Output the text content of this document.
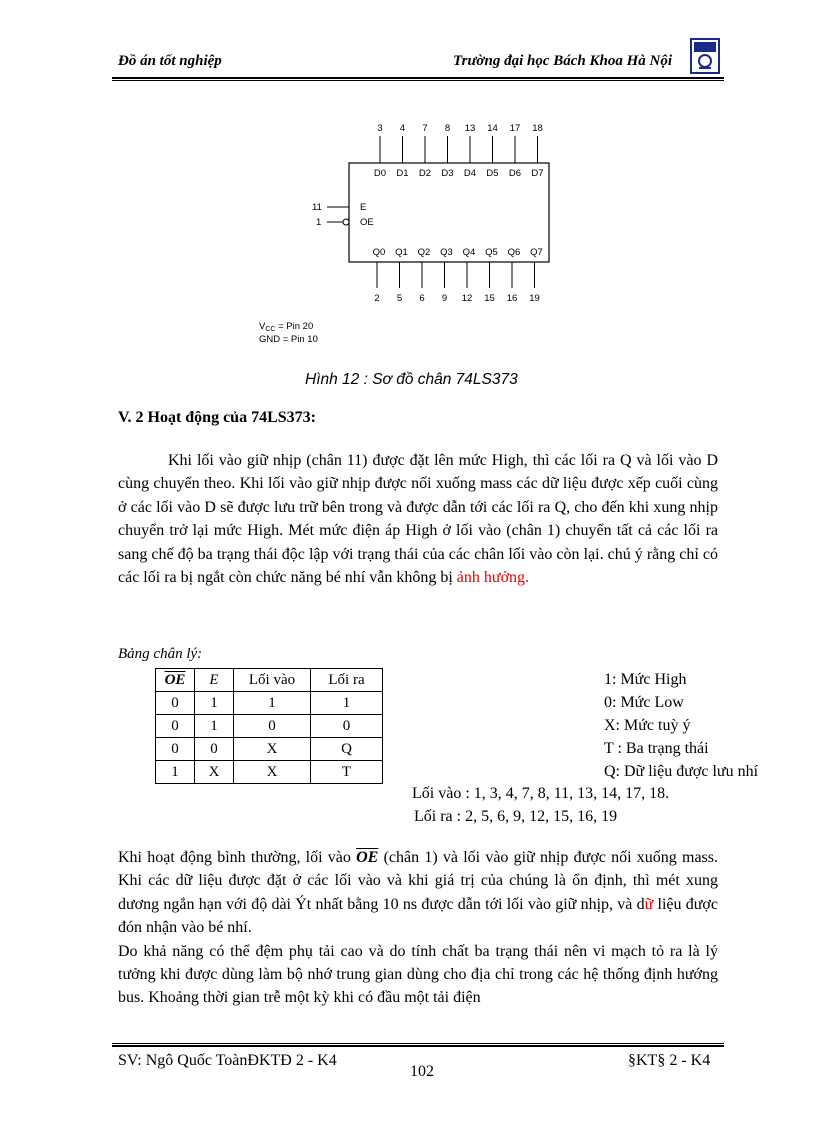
Đồ án tốt nghiệp	Trường đại học Bách Khoa Hà Nội
3
D0
4
D1
7
D2
8
D3
13
D4
14
D5
17
D6
18
D7
2
Q0
5
Q1
6
Q2
9
Q3
12
Q4
15
Q5
16
Q6
19
Q7
11	E
1	OE
$V_{CC}$ = Pin 20
GND = Pin 10
Hình 12 : Sơ đồ chân 74LS373
V. 2 Hoạt động của 74LS373:
Khi lối vào giữ nhịp (chân 11) được đặt lên mức High, thì các lối ra Q và lối vào D cùng chuyển theo. Khi lối vào giữ nhịp được nối xuống mass các dữ liệu được xếp cuối cùng ở các lối vào D sẽ được lưu trữ bên trong và được dẫn tới các lối ra Q, cho đến khi xung nhịp chuyển trở lại mức High. Mét mức điện áp High ở lối vào (chân 1) chuyển tất cả các lối ra sang chế độ ba trạng thái độc lập với trạng thái của các chân lối vào còn lại. chú ý rằng chỉ có các lối ra bị ngắt còn chức năng bé nhí vẫn không bị ảnh hưởng.
Bảng chân lý:
$\overline{OE}$	E	Lối vào	Lối ra
0	1	1	1
0	1	0	0
0	0	X	Q
1	X	X	T
1: Mức High
0: Mức Low
X: Mức tuỳ ý
T : Ba trạng thái
Q: Dữ liệu được lưu nhí
Lối vào : 1, 3, 4, 7, 8, 11, 13, 14, 17, 18.
Lối ra : 2, 5, 6, 9, 12, 15, 16, 19
Khi hoạt động bình thường, lối vào $\overline{OE}$ (chân 1) và lối vào giữ nhịp được nối xuống mass. Khi các dữ liệu được đặt ở các lối vào và khi giá trị của chúng là ổn định, thì mét xung dương ngắn hạn với độ dài Ýt nhất bằng 10 ns được dẫn tới lối vào giữ nhịp, và dữ liệu được đón nhận vào bé nhí.
Do khả năng có thể đệm phụ tải cao và do tính chất ba trạng thái nên vi mạch tỏ ra là lý tưởng khi được dùng làm bộ nhớ trung gian dùng cho địa chỉ trong các hệ thống định hướng bus. Khoảng thời gian trễ một kỳ khi có đầu một tải điện
SV: Ngô Quốc ToànĐKTĐ 2 - K4
102
§KT§ 2 - K4
